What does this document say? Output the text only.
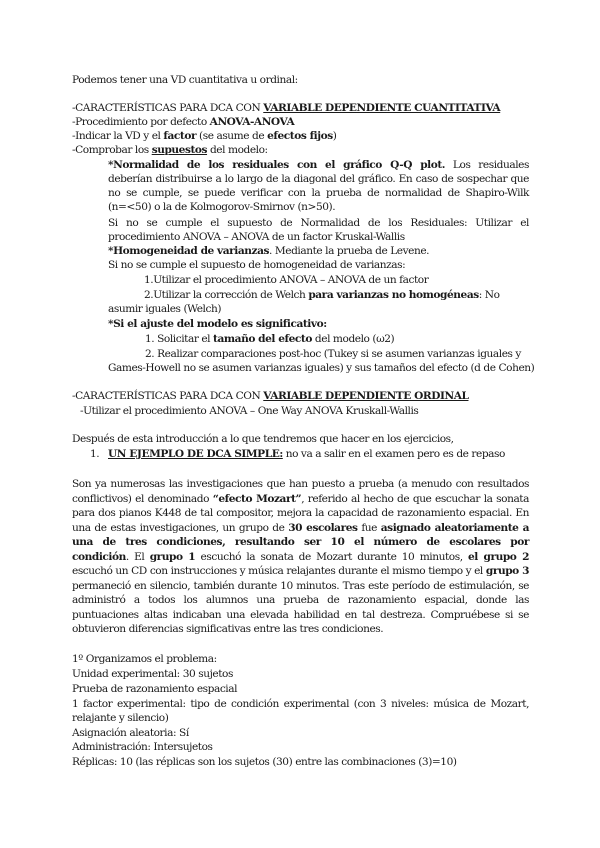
Podemos tener una VD cuantitativa u ordinal:
-CARACTERÍSTICAS PARA DCA CON VARIABLE DEPENDIENTE CUANTITATIVA
-Procedimiento por defecto ANOVA-ANOVA
-Indicar la VD y el factor (se asume de efectos fijos)
-Comprobar los supuestos del modelo:
*Normalidad de los residuales con el gráfico Q-Q plot. Los residuales
deberían distribuirse a lo largo de la diagonal del gráfico. En caso de sospechar que
no se cumple, se puede verificar con la prueba de normalidad de Shapiro-Wilk
(n=<50) o la de Kolmogorov-Smirnov (n>50).
Si no se cumple el supuesto de Normalidad de los Residuales: Utilizar el
procedimiento ANOVA – ANOVA de un factor Kruskal-Wallis
*Homogeneidad de varianzas. Mediante la prueba de Levene.
Si no se cumple el supuesto de homogeneidad de varianzas:
1.Utilizar el procedimiento ANOVA – ANOVA de un factor
2.Utilizar la corrección de Welch para varianzas no homogéneas: No
asumir iguales (Welch)
*Si el ajuste del modelo es significativo:
1. Solicitar el tamaño del efecto del modelo (ω2)
2. Realizar comparaciones post-hoc (Tukey si se asumen varianzas iguales y
Games-Howell no se asumen varianzas iguales) y sus tamaños del efecto (d de Cohen)
-CARACTERÍSTICAS PARA DCA CON VARIABLE DEPENDIENTE ORDINAL
-Utilizar el procedimiento ANOVA – One Way ANOVA Kruskall-Wallis
Después de esta introducción a lo que tendremos que hacer en los ejercicios,
1. UN EJEMPLO DE DCA SIMPLE: no va a salir en el examen pero es de repaso
Son ya numerosas las investigaciones que han puesto a prueba (a menudo con resultados
conflictivos) el denominado “efecto Mozart”, referido al hecho de que escuchar la sonata
para dos pianos K448 de tal compositor, mejora la capacidad de razonamiento espacial. En
una de estas investigaciones, un grupo de 30 escolares fue asignado aleatoriamente a
una de tres condiciones, resultando ser 10 el número de escolares por
condición. El grupo 1 escuchó la sonata de Mozart durante 10 minutos, el grupo 2
escuchó un CD con instrucciones y música relajantes durante el mismo tiempo y el grupo 3
permaneció en silencio, también durante 10 minutos. Tras este período de estimulación, se
administró a todos los alumnos una prueba de razonamiento espacial, donde las
puntuaciones altas indicaban una elevada habilidad en tal destreza. Compruébese si se
obtuvieron diferencias significativas entre las tres condiciones.
1º Organizamos el problema:
Unidad experimental: 30 sujetos
Prueba de razonamiento espacial
1 factor experimental: tipo de condición experimental (con 3 niveles: música de Mozart,
relajante y silencio)
Asignación aleatoria: Sí
Administración: Intersujetos
Réplicas: 10 (las réplicas son los sujetos (30) entre las combinaciones (3)=10)
